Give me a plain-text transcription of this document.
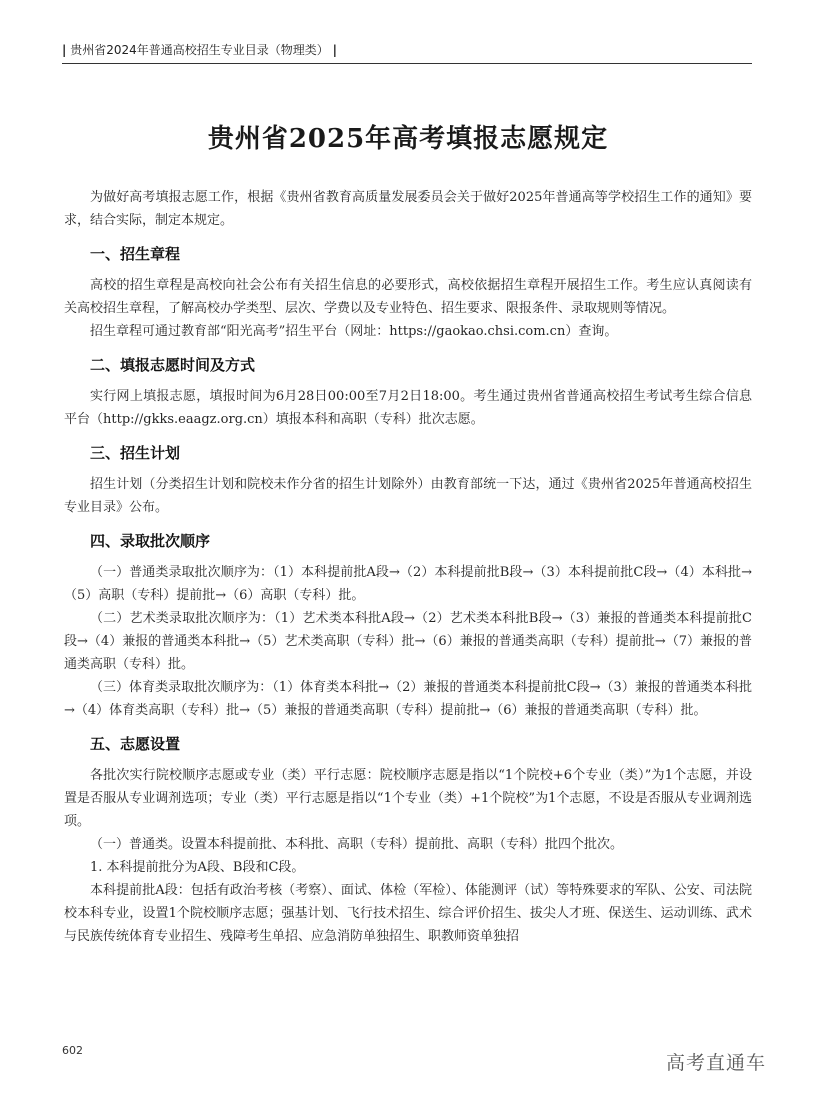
| 贵州省2024年普通高校招生专业目录（物理类） |
贵州省2025年高考填报志愿规定

为做好高考填报志愿工作，根据《贵州省教育高质量发展委员会关于做好2025年普通高等学校招生工作的通知》要求，结合实际，制定本规定。

一、招生章程

高校的招生章程是高校向社会公布有关招生信息的必要形式，高校依据招生章程开展招生工作。考生应认真阅读有关高校招生章程，了解高校办学类型、层次、学费以及专业特色、招生要求、限报条件、录取规则等情况。

招生章程可通过教育部“阳光高考”招生平台（网址：https://gaokao.chsi.com.cn）查询。

二、填报志愿时间及方式

实行网上填报志愿，填报时间为6月28日00:00至7月2日18:00。考生通过贵州省普通高校招生考试考生综合信息平台（http://gkks.eaagz.org.cn）填报本科和高职（专科）批次志愿。

三、招生计划

招生计划（分类招生计划和院校未作分省的招生计划除外）由教育部统一下达，通过《贵州省2025年普通高校招生专业目录》公布。

四、录取批次顺序

（一）普通类录取批次顺序为：（1）本科提前批A段→（2）本科提前批B段→（3）本科提前批C段→（4）本科批→（5）高职（专科）提前批→（6）高职（专科）批。

（二）艺术类录取批次顺序为：（1）艺术类本科批A段→（2）艺术类本科批B段→（3）兼报的普通类本科提前批C段→（4）兼报的普通类本科批→（5）艺术类高职（专科）批→（6）兼报的普通类高职（专科）提前批→（7）兼报的普通类高职（专科）批。

（三）体育类录取批次顺序为：（1）体育类本科批→（2）兼报的普通类本科提前批C段→（3）兼报的普通类本科批→（4）体育类高职（专科）批→（5）兼报的普通类高职（专科）提前批→（6）兼报的普通类高职（专科）批。

五、志愿设置

各批次实行院校顺序志愿或专业（类）平行志愿：院校顺序志愿是指以“1个院校+6个专业（类）”为1个志愿，并设置是否服从专业调剂选项；专业（类）平行志愿是指以“1个专业（类）+1个院校”为1个志愿，不设是否服从专业调剂选项。

（一）普通类。设置本科提前批、本科批、高职（专科）提前批、高职（专科）批四个批次。

1. 本科提前批分为A段、B段和C段。

本科提前批A段：包括有政治考核（考察）、面试、体检（军检）、体能测评（试）等特殊要求的军队、公安、司法院校本科专业，设置1个院校顺序志愿；强基计划、飞行技术招生、综合评价招生、拔尖人才班、保送生、运动训练、武术与民族传统体育专业招生、残障考生单招、应急消防单独招生、职教师资单独招

602
高考直通车
